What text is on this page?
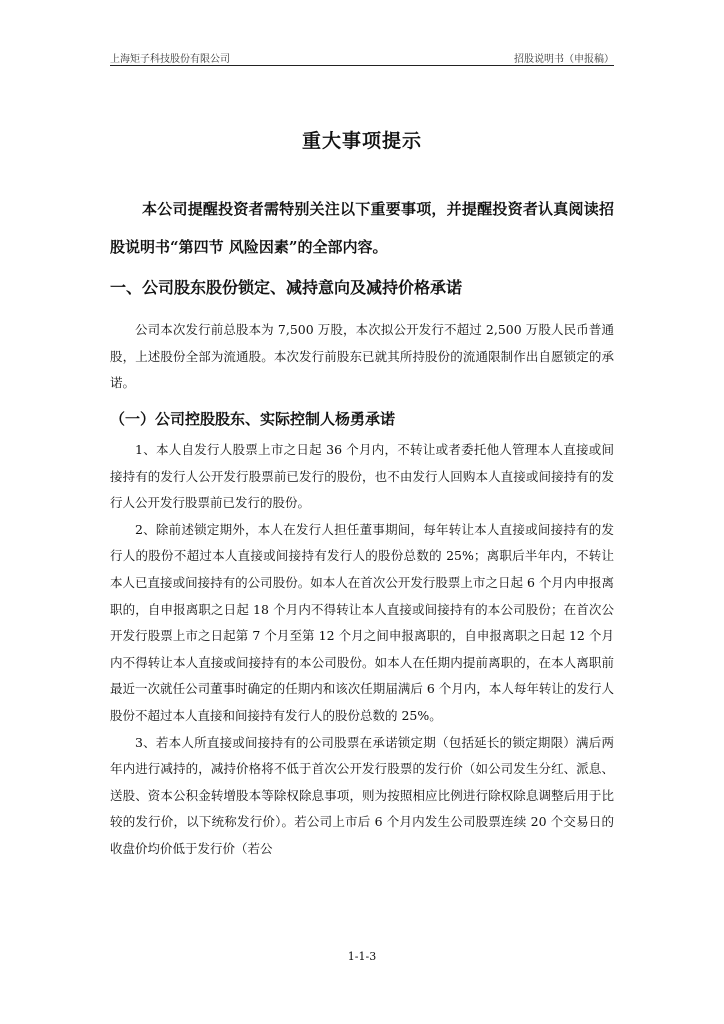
上海矩子科技股份有限公司	招股说明书（申报稿）
重大事项提示

本公司提醒投资者需特别关注以下重要事项，并提醒投资者认真阅读招股说明书“第四节 风险因素”的全部内容。

一、公司股东股份锁定、减持意向及减持价格承诺

公司本次发行前总股本为 7,500 万股，本次拟公开发行不超过 2,500 万股人民币普通股，上述股份全部为流通股。本次发行前股东已就其所持股份的流通限制作出自愿锁定的承诺。

（一）公司控股股东、实际控制人杨勇承诺

1、本人自发行人股票上市之日起 36 个月内，不转让或者委托他人管理本人直接或间接持有的发行人公开发行股票前已发行的股份，也不由发行人回购本人直接或间接持有的发行人公开发行股票前已发行的股份。

2、除前述锁定期外，本人在发行人担任董事期间，每年转让本人直接或间接持有的发行人的股份不超过本人直接或间接持有发行人的股份总数的 25%；离职后半年内，不转让本人已直接或间接持有的公司股份。如本人在首次公开发行股票上市之日起 6 个月内申报离职的，自申报离职之日起 18 个月内不得转让本人直接或间接持有的本公司股份；在首次公开发行股票上市之日起第 7 个月至第 12 个月之间申报离职的，自申报离职之日起 12 个月内不得转让本人直接或间接持有的本公司股份。如本人在任期内提前离职的，在本人离职前最近一次就任公司董事时确定的任期内和该次任期届满后 6 个月内，本人每年转让的发行人股份不超过本人直接和间接持有发行人的股份总数的 25%。

3、若本人所直接或间接持有的公司股票在承诺锁定期（包括延长的锁定期限）满后两年内进行减持的，减持价格将不低于首次公开发行股票的发行价（如公司发生分红、派息、送股、资本公积金转增股本等除权除息事项，则为按照相应比例进行除权除息调整后用于比较的发行价，以下统称发行价）。若公司上市后 6 个月内发生公司股票连续 20 个交易日的收盘价均价低于发行价（若公

1-1-3
